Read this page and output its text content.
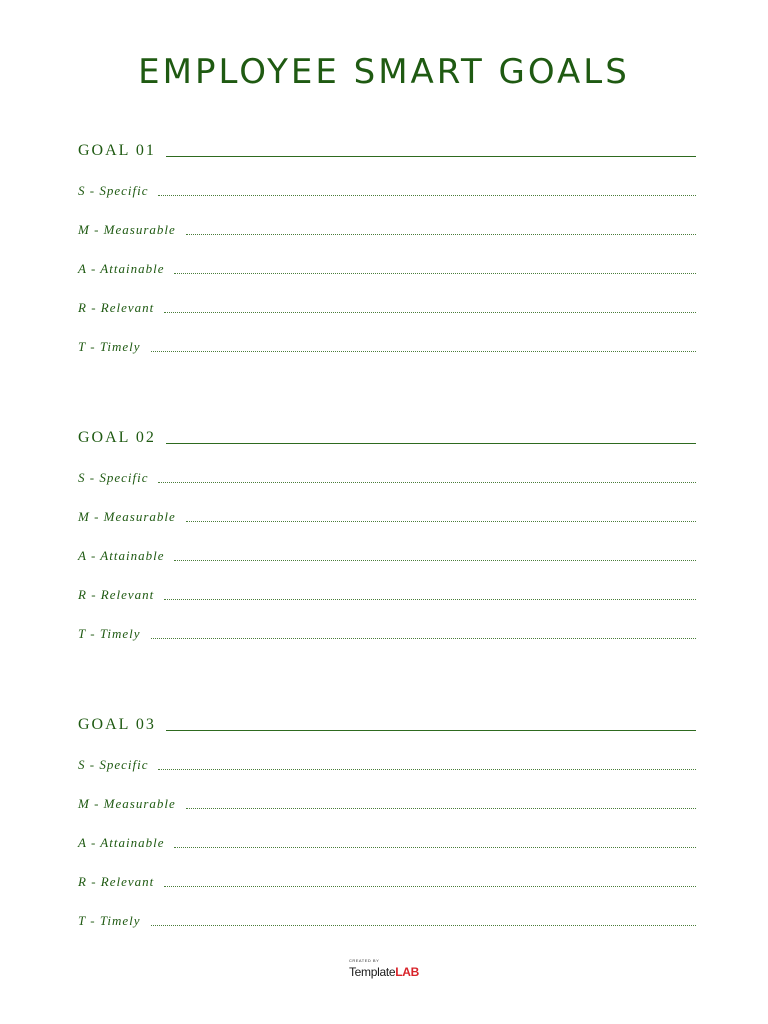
EMPLOYEE SMART GOALS
GOAL 01
S - Specific
M - Measurable
A - Attainable
R - Relevant
T - Timely
GOAL 02
S - Specific
M - Measurable
A - Attainable
R - Relevant
T - Timely
GOAL 03
S - Specific
M - Measurable
A - Attainable
R - Relevant
T - Timely
CREATED BY
TemplateLAB
